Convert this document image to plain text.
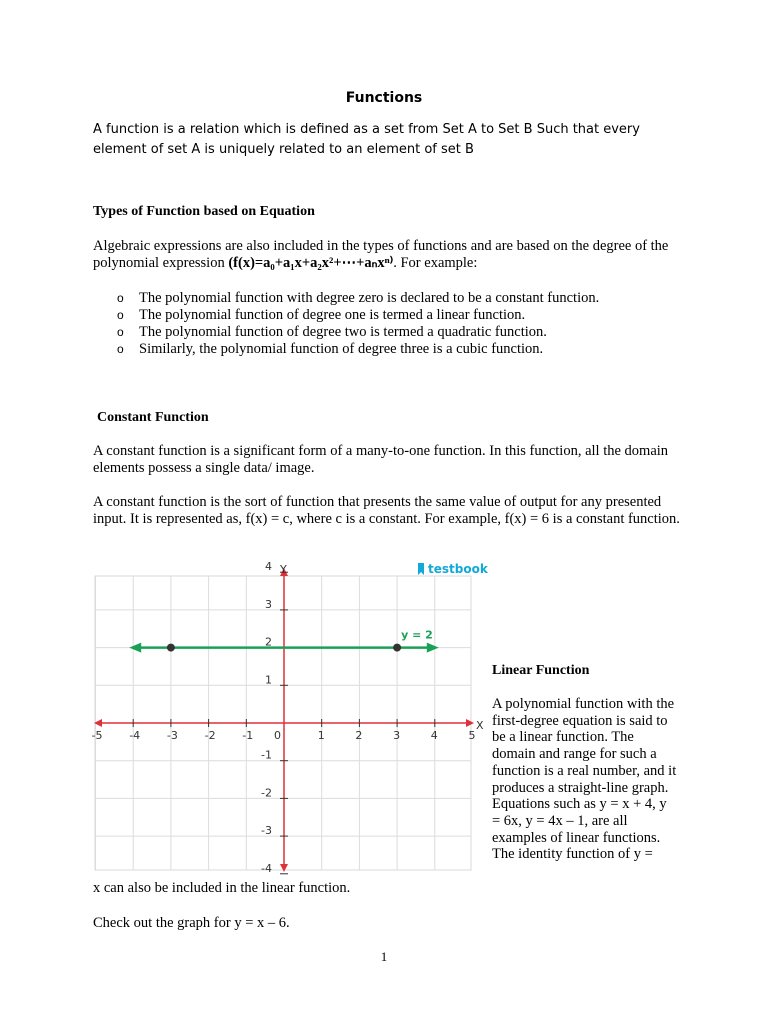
Functions
A function is a relation which is defined as a set from Set A to Set B Such that every element of set A is uniquely related to an element of set B
Types of Function based on Equation
Algebraic expressions are also included in the types of functions and are based on the degree of the polynomial expression (f(x)=a₀+a₁x+a₂x²+⋯+aₙxⁿ⁾. For example:
o The polynomial function with degree zero is declared to be a constant function.
o The polynomial function of degree one is termed a linear function.
o The polynomial function of degree two is termed a quadratic function.
o Similarly, the polynomial function of degree three is a cubic function.
Constant Function
A constant function is a significant form of a many-to-one function. In this function, all the domain elements possess a single data/ image.
A constant function is the sort of function that presents the same value of output for any presented input. It is represented as, f(x) = c, where c is a constant. For example, f(x) = 6 is a constant function.
testbook
X
Y
-5 -4 -3 -2 -1 0	1	2	3	4	5
4
3
2
1
-1
-2
-3
-4
y = 2
Linear Function
A polynomial function with the first-degree equation is said to be a linear function. The domain and range for such a function is a real number, and it produces a straight-line graph. Equations such as y = x + 4, y = 6x, y = 4x – 1, are all examples of linear functions. The identity function of y =
x can also be included in the linear function.
Check out the graph for y = x – 6.
1
